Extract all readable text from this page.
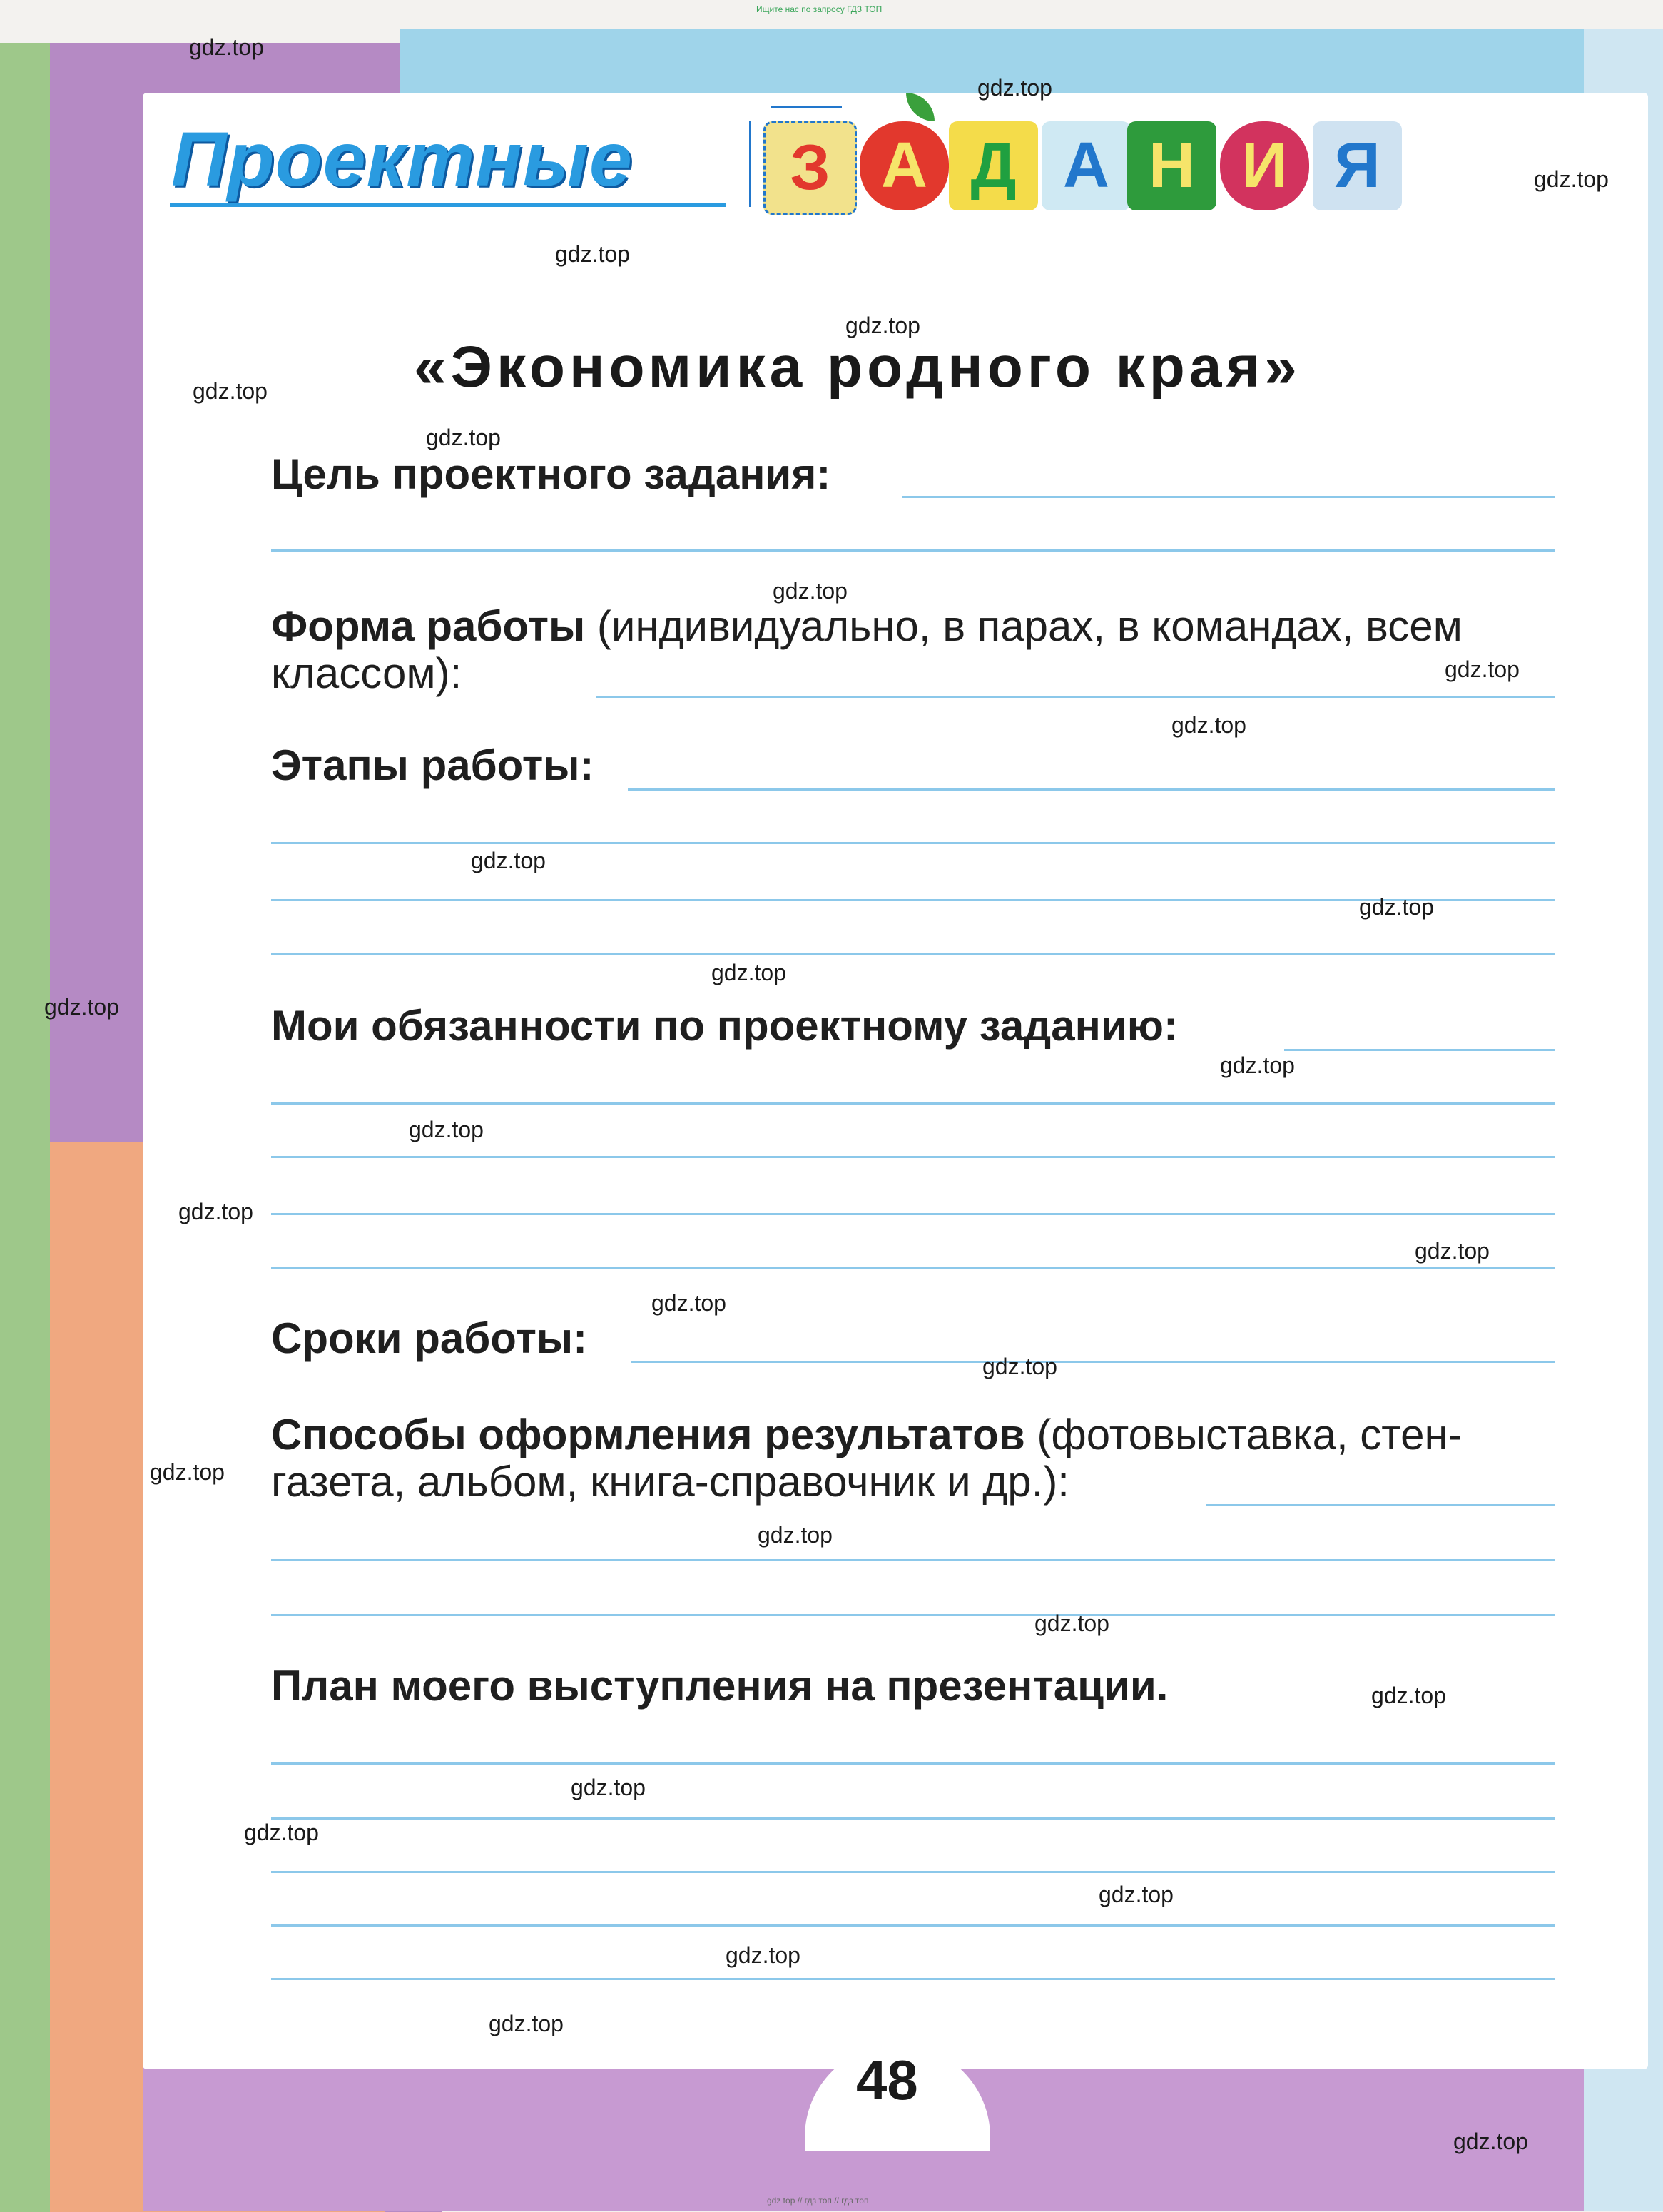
Ищите нас по запросу ГДЗ ТОП
gdz top // гдз топ // гдз топ
Проектные	З А Д А Н И Я
«Экономика родного края»
Цель проектного задания:
Форма работы (индивидуально, в парах, в командах, всем классом):
Этапы работы:
Мои обязанности по проектному заданию:
Сроки работы:
Способы оформления результатов (фотовыставка, стен-газета, альбом, книга-справочник и др.):
План моего выступления на презентации.
48
gdz.top
gdz.top
gdz.top
gdz.top
gdz.top
gdz.top
gdz.top
gdz.top
gdz.top
gdz.top
gdz.top
gdz.top
gdz.top
gdz.top
gdz.top
gdz.top
gdz.top
gdz.top
gdz.top
gdz.top
gdz.top
gdz.top
gdz.top
gdz.top
gdz.top
gdz.top
gdz.top
gdz.top
gdz.top
gdz.top
